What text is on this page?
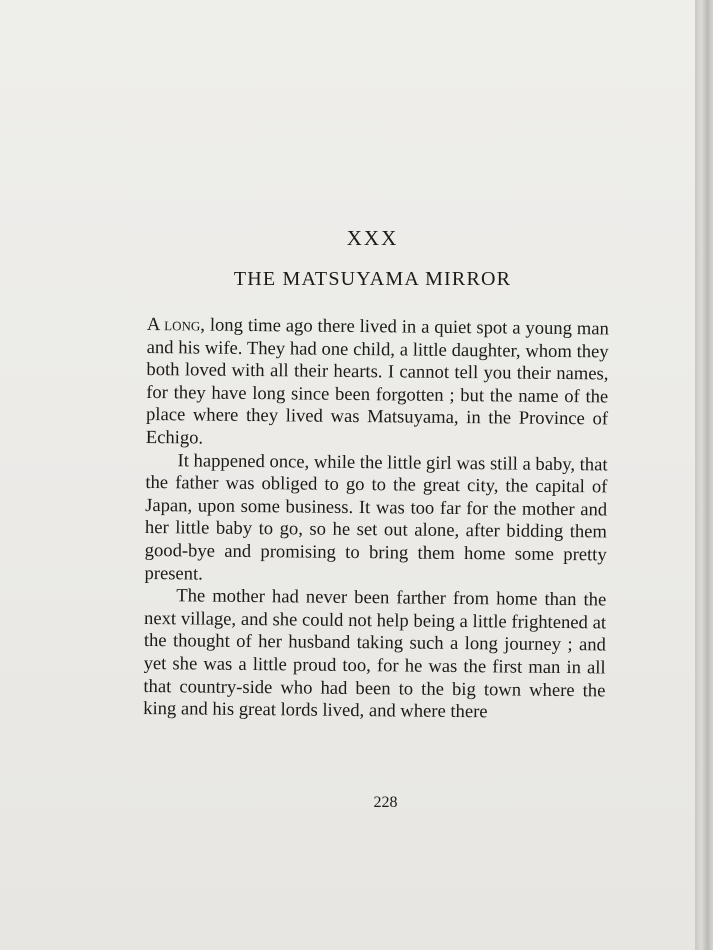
XXX
THE MATSUYAMA MIRROR

A long, long time ago there lived in a quiet spot a young man and his wife. They had one child, a little daughter, whom they both loved with all their hearts. I cannot tell you their names, for they have long since been forgotten ; but the name of the place where they lived was Matsuyama, in the Province of Echigo.

It happened once, while the little girl was still a baby, that the father was obliged to go to the great city, the capital of Japan, upon some business. It was too far for the mother and her little baby to go, so he set out alone, after bidding them good-bye and promising to bring them home some pretty present.

The mother had never been farther from home than the next village, and she could not help being a little frightened at the thought of her husband taking such a long journey ; and yet she was a little proud too, for he was the first man in all that country-side who had been to the big town where the king and his great lords lived, and where there

228
